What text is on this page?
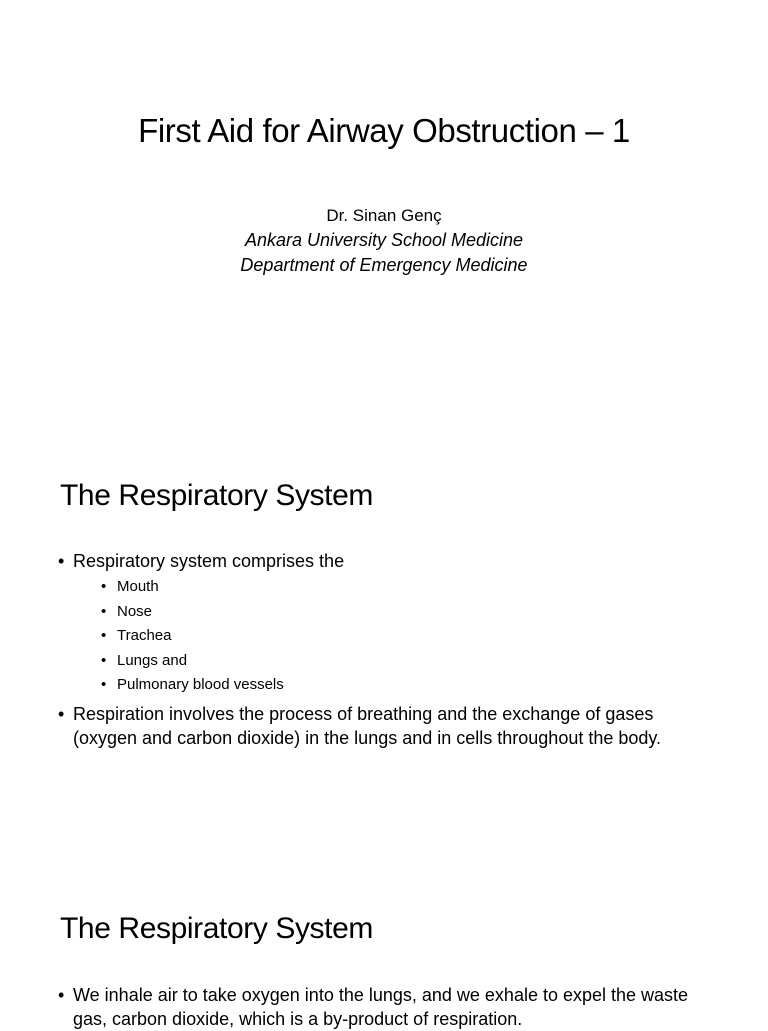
First Aid for Airway Obstruction – 1

Dr. Sinan Genç

Ankara University School Medicine

Department of Emergency Medicine

The Respiratory System
• Respiratory system comprises the
• Mouth
• Nose
• Trachea
• Lungs and
• Pulmonary blood vessels
• Respiration involves the process of breathing and the exchange of gases (oxygen and carbon dioxide) in the lungs and in cells throughout the body.
The Respiratory System
• We inhale air to take oxygen into the lungs, and we exhale to expel the waste gas, carbon dioxide, which is a by-product of respiration.
